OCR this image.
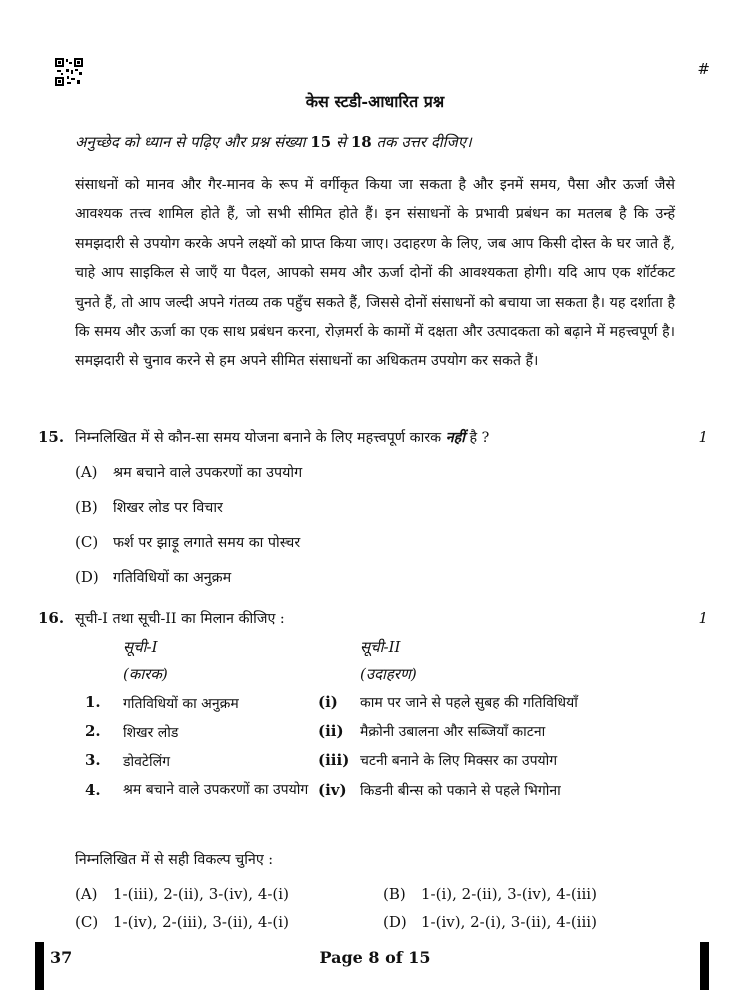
#
केस स्टडी-आधारित प्रश्न
अनुच्छेद को ध्यान से पढ़िए और प्रश्न संख्या 15 से 18 तक उत्तर दीजिए।
संसाधनों को मानव और गैर-मानव के रूप में वर्गीकृत किया जा सकता है और इनमें समय, पैसा और ऊर्जा जैसे आवश्यक तत्त्व शामिल होते हैं, जो सभी सीमित होते हैं। इन संसाधनों के प्रभावी प्रबंधन का मतलब है कि उन्हें समझदारी से उपयोग करके अपने लक्ष्यों को प्राप्त किया जाए। उदाहरण के लिए, जब आप किसी दोस्त के घर जाते हैं, चाहे आप साइकिल से जाएँ या पैदल, आपको समय और ऊर्जा दोनों की आवश्यकता होगी। यदि आप एक शॉर्टकट चुनते हैं, तो आप जल्दी अपने गंतव्य तक पहुँच सकते हैं, जिससे दोनों संसाधनों को बचाया जा सकता है। यह दर्शाता है कि समय और ऊर्जा का एक साथ प्रबंधन करना, रोज़मर्रा के कामों में दक्षता और उत्पादकता को बढ़ाने में महत्त्वपूर्ण है। समझदारी से चुनाव करने से हम अपने सीमित संसाधनों का अधिकतम उपयोग कर सकते हैं।
15. निम्नलिखित में से कौन-सा समय योजना बनाने के लिए महत्त्वपूर्ण कारक नहीं है ?	1
(A) श्रम बचाने वाले उपकरणों का उपयोग
(B) शिखर लोड पर विचार
(C) फर्श पर झाड़ू लगाते समय का पोस्चर
(D) गतिविधियों का अनुक्रम
16. सूची-I तथा सूची-II का मिलान कीजिए :	1
सूची-I
(कारक)
सूची-II
(उदाहरण)
1. गतिविधियों का अनुक्रम	(i) काम पर जाने से पहले सुबह की गतिविधियाँ
2. शिखर लोड	(ii) मैक्रोनी उबालना और सब्जियाँ काटना
3. डोवटेलिंग	(iii) चटनी बनाने के लिए मिक्सर का उपयोग
4. श्रम बचाने वाले उपकरणों का उपयोग (iv) किडनी बीन्स को पकाने से पहले भिगोना
निम्नलिखित में से सही विकल्प चुनिए :
(A) 1-(iii), 2-(ii), 3-(iv), 4-(i)	(B) 1-(i), 2-(ii), 3-(iv), 4-(iii)
(C) 1-(iv), 2-(iii), 3-(ii), 4-(i)	(D) 1-(iv), 2-(i), 3-(ii), 4-(iii)
37	Page 8 of 15
